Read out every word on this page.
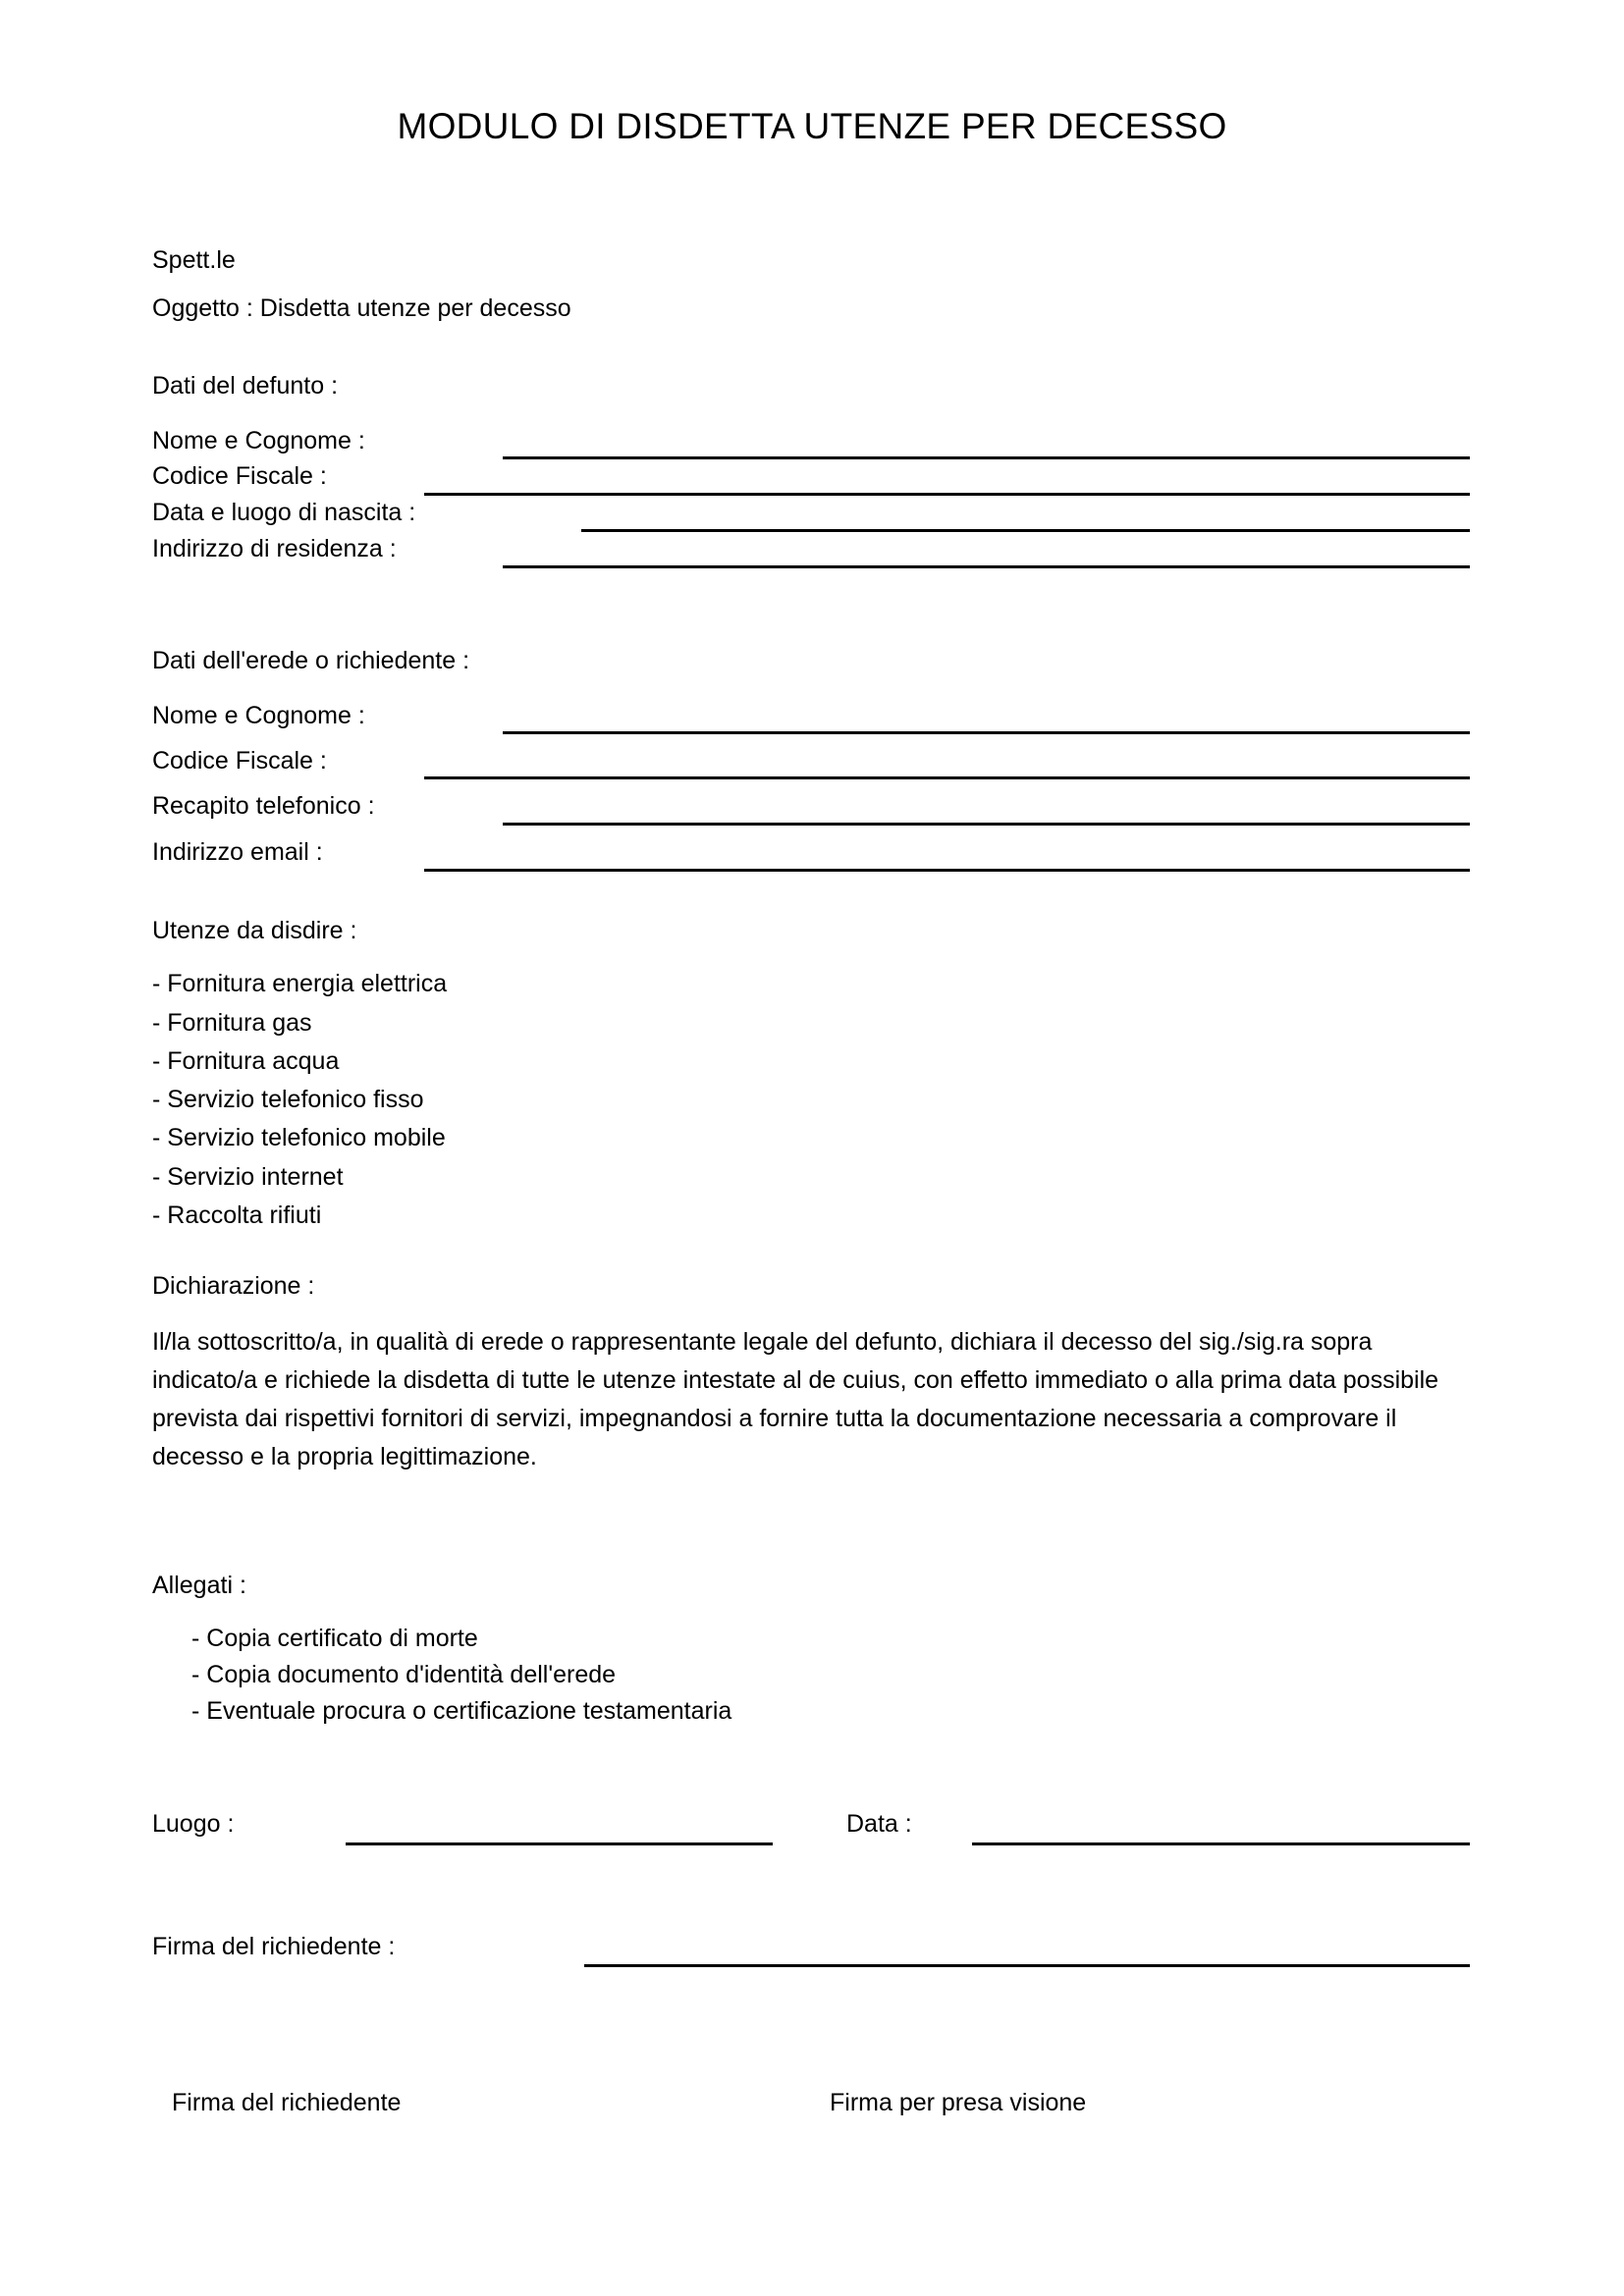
MODULO DI DISDETTA UTENZE PER DECESSO
Spett.le
Oggetto : Disdetta utenze per decesso
Dati del defunto :
Nome e Cognome :
Codice Fiscale :
Data e luogo di nascita :
Indirizzo di residenza :
Dati dell'erede o richiedente :
Nome e Cognome :
Codice Fiscale :
Recapito telefonico :
Indirizzo email :
Utenze da disdire :
- Fornitura energia elettrica
- Fornitura gas
- Fornitura acqua
- Servizio telefonico fisso
- Servizio telefonico mobile
- Servizio internet
- Raccolta rifiuti
Dichiarazione :
Il/la sottoscritto/a, in qualità di erede o rappresentante legale del defunto, dichiara il decesso del sig./sig.ra sopra indicato/a e richiede la disdetta di tutte le utenze intestate al de cuius, con effetto immediato o alla prima data possibile prevista dai rispettivi fornitori di servizi, impegnandosi a fornire tutta la documentazione necessaria a comprovare il decesso e la propria legittimazione.
Allegati :
- Copia certificato di morte
- Copia documento d'identità dell'erede
- Eventuale procura o certificazione testamentaria
Luogo :	Data :
Firma del richiedente :
Firma del richiedente	Firma per presa visione
